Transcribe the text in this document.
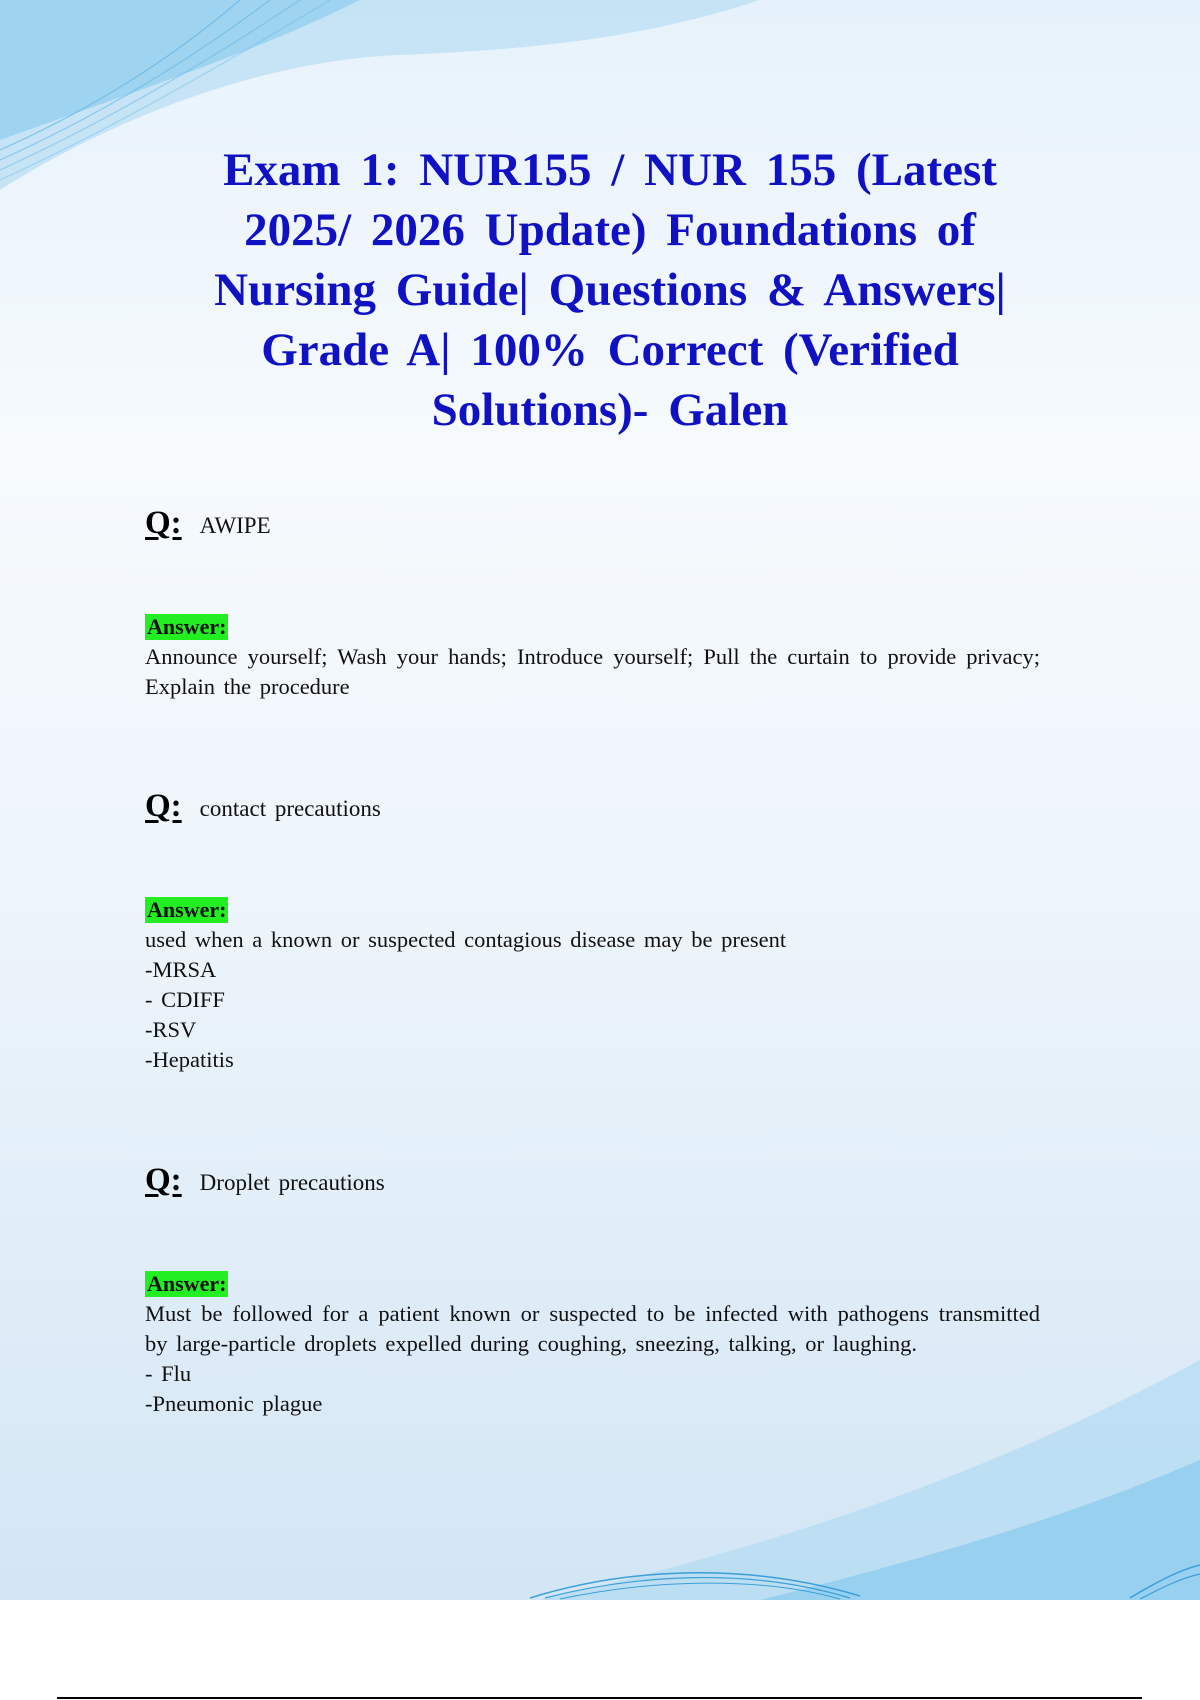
Exam 1: NUR155 / NUR 155 (Latest 2025/ 2026 Update) Foundations of Nursing Guide| Questions & Answers| Grade A| 100% Correct (Verified Solutions)- Galen
Q: AWIPE
Answer:

Announce yourself; Wash your hands; Introduce yourself; Pull the curtain to provide privacy; Explain the procedure

Q: contact precautions
Answer:

used when a known or suspected contagious disease may be present
-MRSA
- CDIFF
-RSV
-Hepatitis

Q: Droplet precautions
Answer:

Must be followed for a patient known or suspected to be infected with pathogens transmitted by large-particle droplets expelled during coughing, sneezing, talking, or laughing.
- Flu
-Pneumonic plague
